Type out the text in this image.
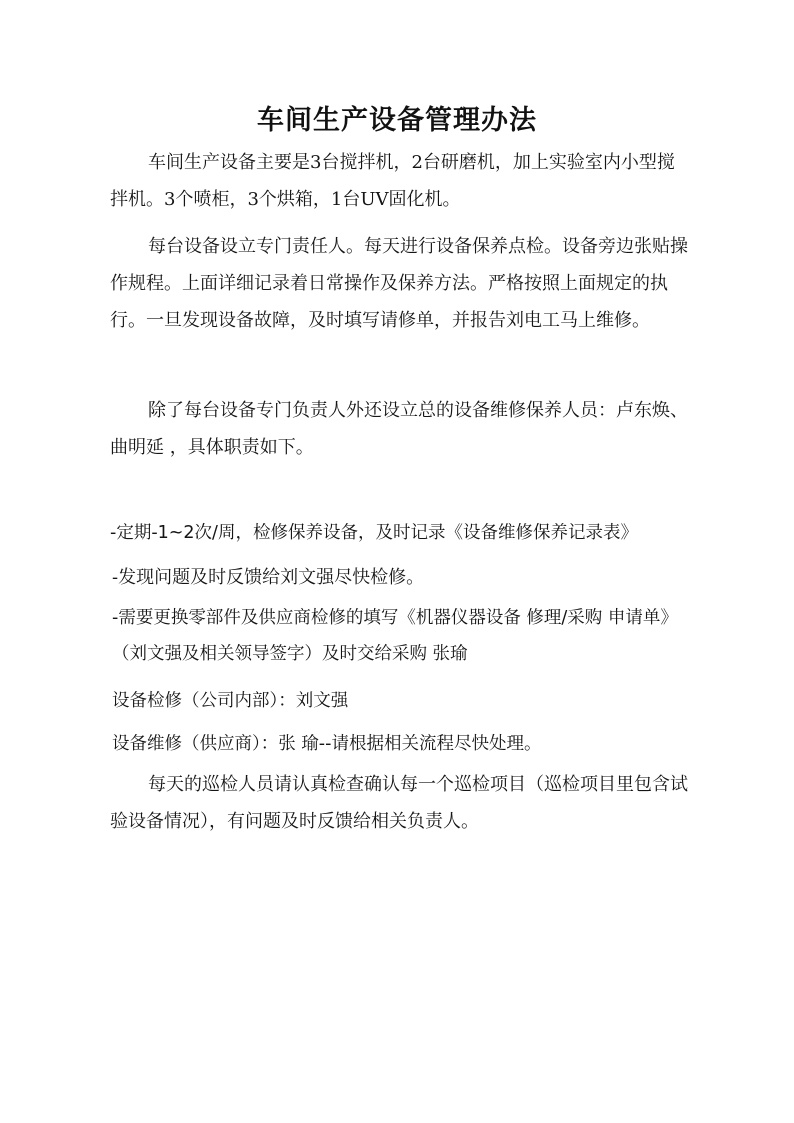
车间生产设备管理办法
车间生产设备主要是3台搅拌机，2台研磨机，加上实验室内小型搅拌机。3个喷柜，3个烘箱，1台UV固化机。
每台设备设立专门责任人。每天进行设备保养点检。设备旁边张贴操作规程。上面详细记录着日常操作及保养方法。严格按照上面规定的执行。一旦发现设备故障，及时填写请修单，并报告刘电工马上维修。
除了每台设备专门负责人外还设立总的设备维修保养人员：卢东焕、曲明延 ，具体职责如下。
-定期-1~2次/周，检修保养设备，及时记录《设备维修保养记录表》
-发现问题及时反馈给刘文强尽快检修。
-需要更换零部件及供应商检修的填写《机器仪器设备 修理/采购 申请单》（刘文强及相关领导签字）及时交给采购 张瑜
设备检修（公司内部）：刘文强
设备维修（供应商）：张 瑜--请根据相关流程尽快处理。
每天的巡检人员请认真检查确认每一个巡检项目（巡检项目里包含试验设备情况），有问题及时反馈给相关负责人。
